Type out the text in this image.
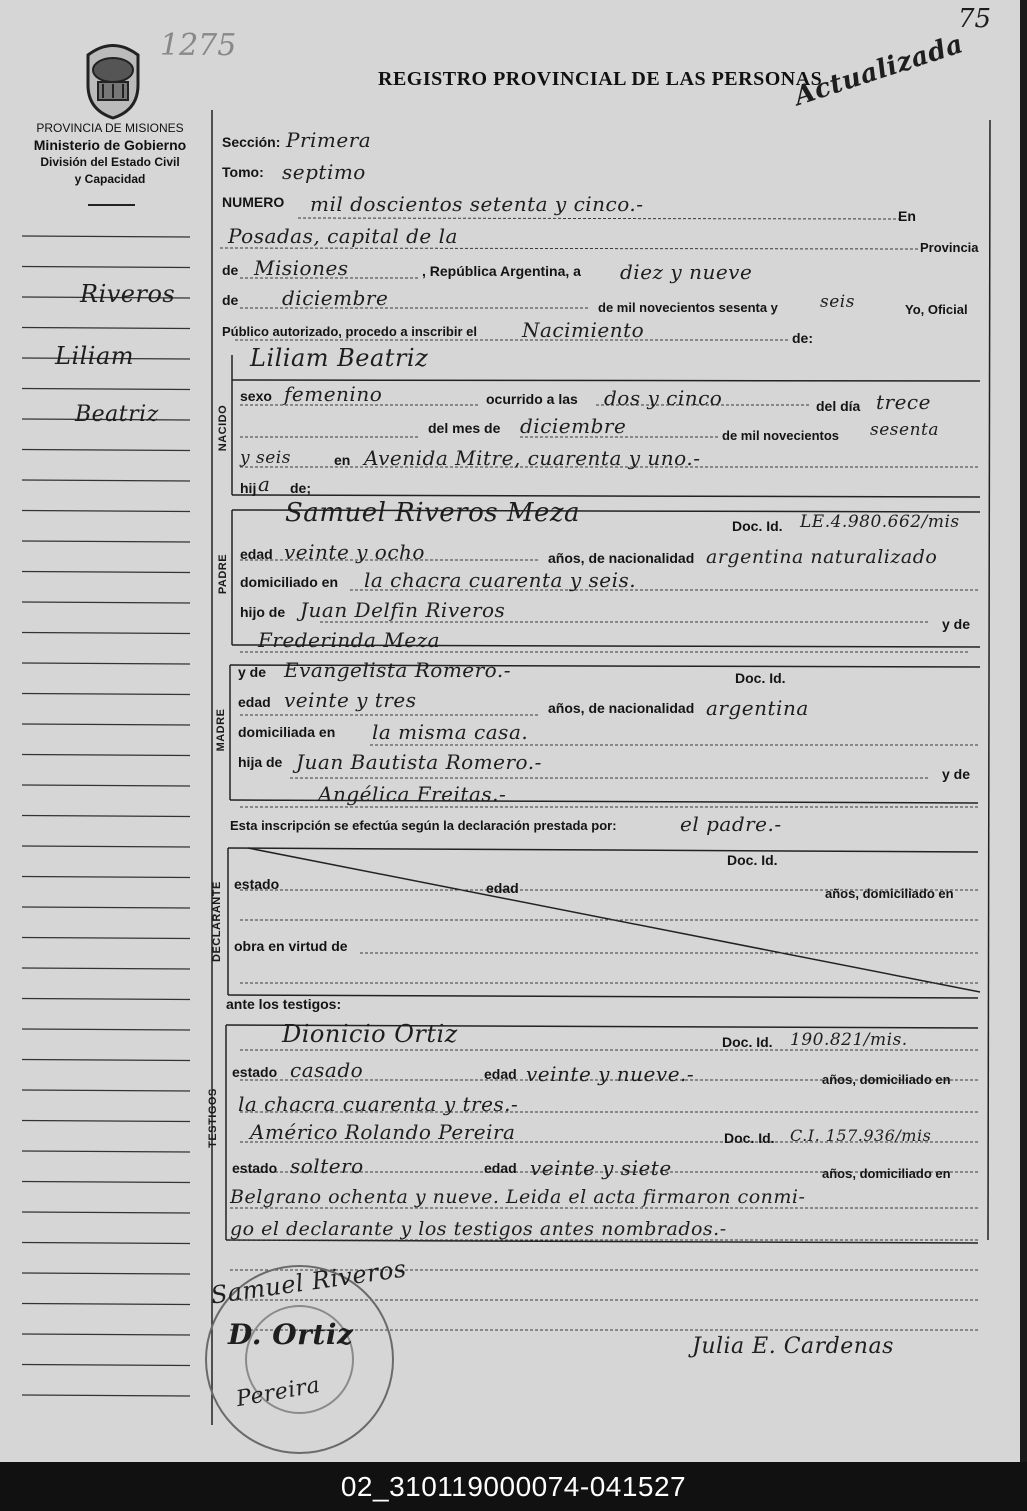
1275
75
REGISTRO PROVINCIAL DE LAS PERSONAS
Actualizada
PROVINCIA DE MISIONES
Ministerio de Gobierno
División del Estado Civil
y Capacidad
Riveros
Liliam
Beatriz
Sección: Primera
Tomo: septimo
NUMERO mil doscientos setenta y cinco.-	En
Posadas, capital de la	Provincia
de Misiones	, República Argentina, a diez y nueve
de diciembre	de mil novecientos sesenta y seis	Yo, Oficial
Público autorizado, procedo a inscribir el Nacimiento	de:
NACIDO
Liliam Beatriz
sexo femenino	ocurrido a las dos y cinco	del día trece
del mes de diciembre	de mil novecientos sesenta
y seis	en Avenida Mitre, cuarenta y uno.-
hij a de;
PADRE
Samuel Riveros Meza	Doc. Id. LE.4.980.662/mis
edad veinte y ocho	años, de nacionalidad argentina naturalizado
domiciliado en la chacra cuarenta y seis.
hijo de Juan Delfin Riveros
y de
Frederinda Meza
MADRE
y de Evangelista Romero.-	Doc. Id.
edad veinte y tres	años, de nacionalidad argentina
domiciliada en la misma casa.
hija de Juan Bautista Romero.-	y de
Angélica Freitas.-
Esta inscripción se efectúa según la declaración prestada por:	el padre.-
DECLARANTE
Doc. Id.
estado	edad	años, domiciliado en
obra en virtud de
ante los testigos:
TESTIGOS
Dionicio Ortiz	Doc. Id. 190.821/mis.
estado casado	edad veinte y nueve.-	años, domiciliado en
la chacra cuarenta y tres.-
Américo Rolando Pereira	Doc. Id. C.I. 157.936/mis
estado soltero	edad veinte y siete	años, domiciliado en
Belgrano ochenta y nueve. Leida el acta firmaron conmi-
go el declarante y los testigos antes nombrados.-
Samuel Riveros
D. Ortiz
Pereira
Julia E. Cardenas
02_310119000074-041527
